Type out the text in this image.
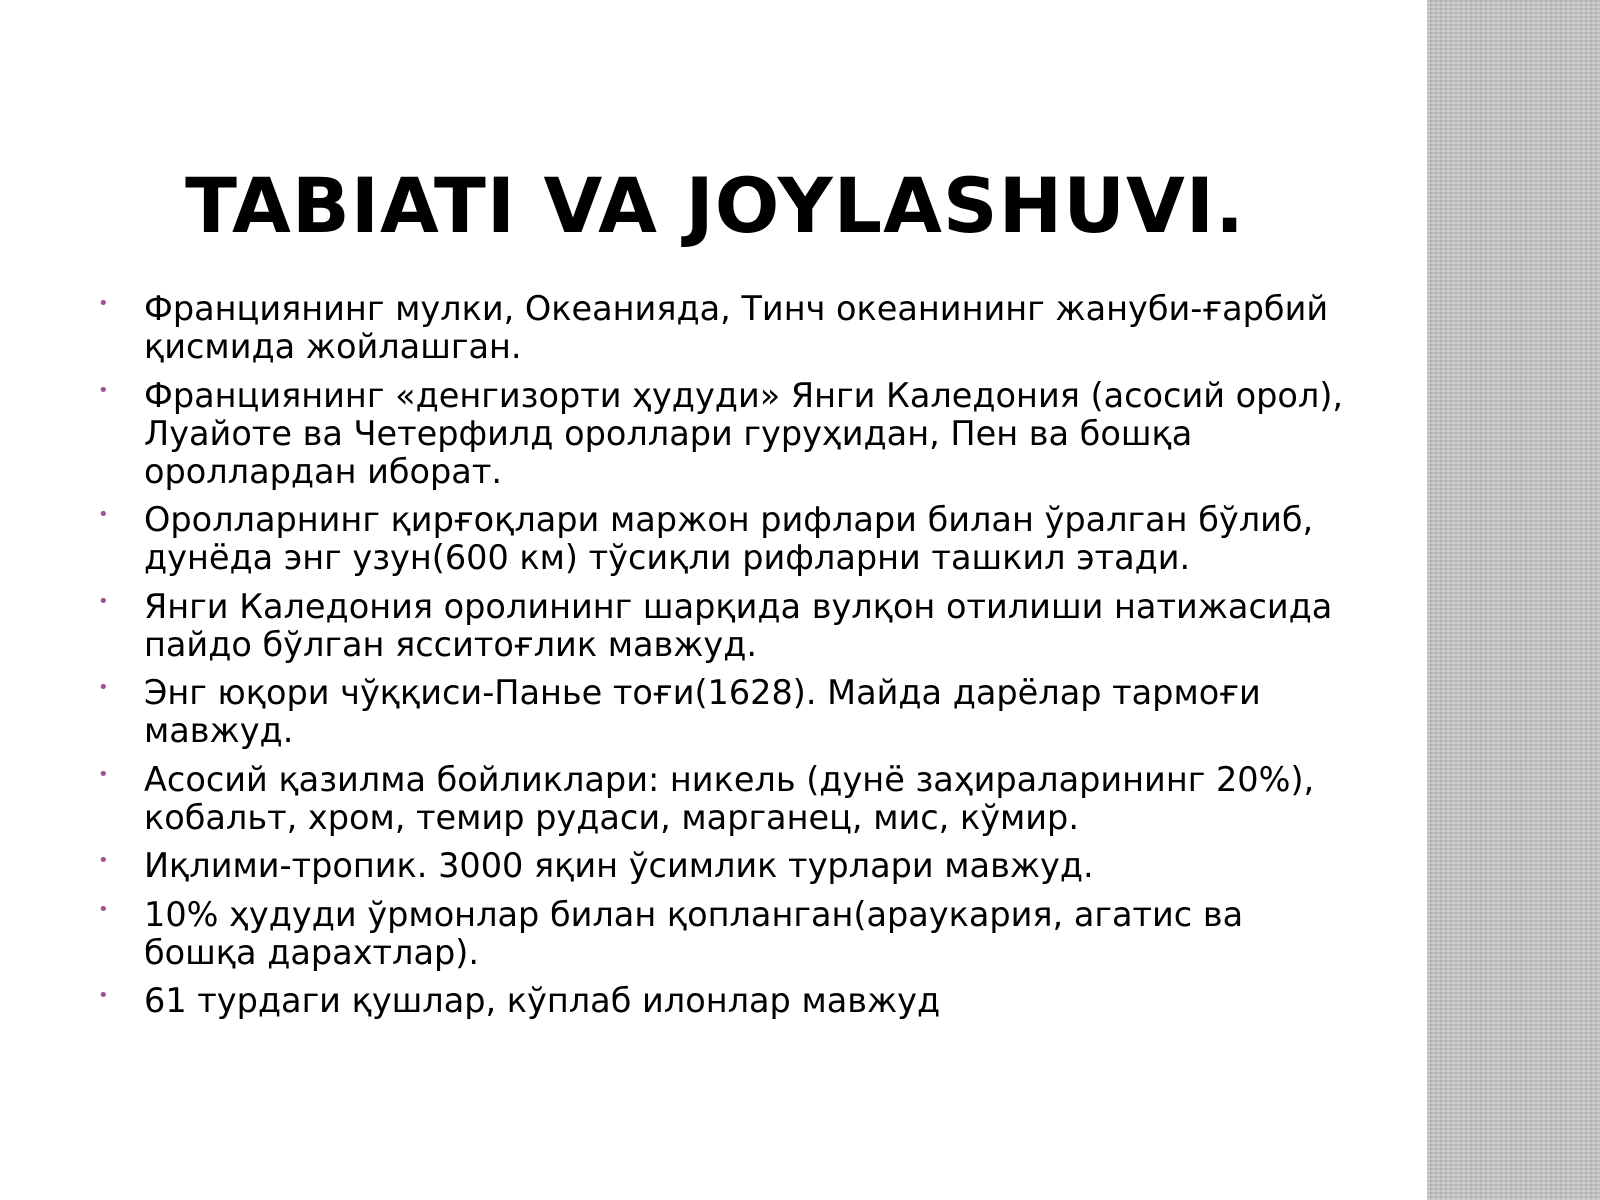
TABIATI VA JOYLASHUVI.
• Франциянинг мулки, Океанияда, Тинч океанининг жануби-ғарбий қисмида жойлашган.
• Франциянинг «денгизорти ҳудуди» Янги Каледония (асосий орол), Луайоте ва Четерфилд ороллари гуруҳидан, Пен ва бошқа ороллардан иборат.
• Оролларнинг қирғоқлари маржон рифлари билан ўралган бўлиб, дунёда энг узун(600 км) тўсиқли рифларни ташкил этади.
• Янги Каледония оролининг шарқида вулқон отилиши натижасида пайдо бўлган ясситоғлик мавжуд.
• Энг юқори чўққиси-Панье тоғи(1628). Майда дарёлар тармоғи мавжуд.
• Асосий қазилма бойликлари: никель (дунё заҳираларининг 20%), кобальт, хром, темир рудаси, марганец, мис, кўмир.
• Иқлими-тропик. 3000 яқин ўсимлик турлари мавжуд.
• 10% ҳудуди ўрмонлар билан қопланган(араукария, агатис ва бошқа дарахтлар).
• 61 турдаги қушлар, кўплаб илонлар мавжуд
